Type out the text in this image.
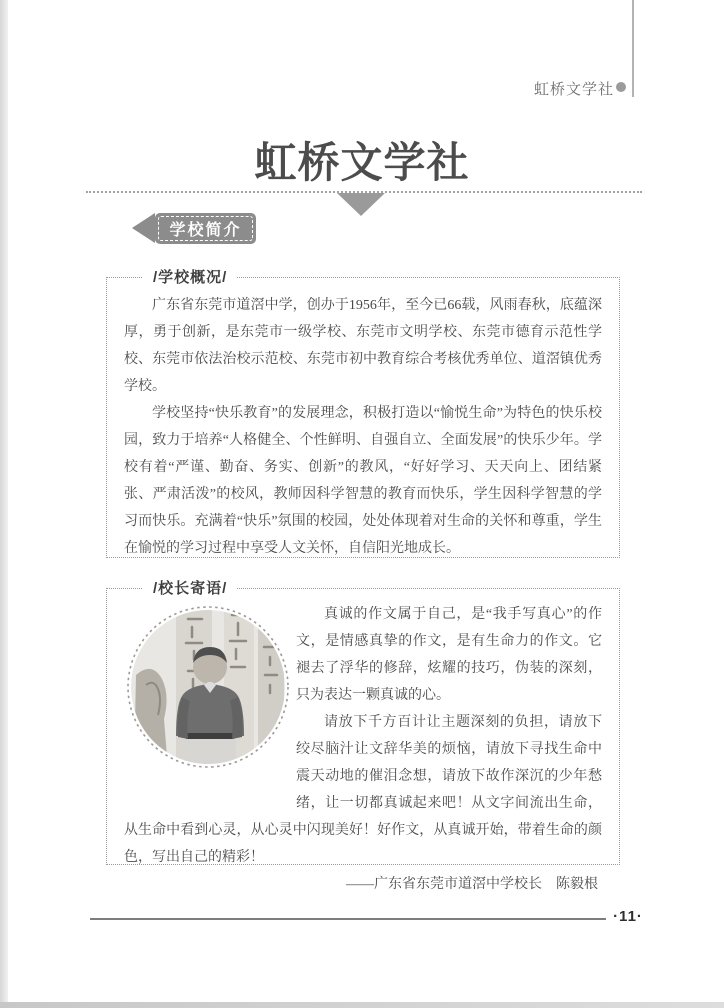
虹桥文学社
虹桥文学社
学校简介
/学校概况/

广东省东莞市道滘中学，创办于1956年，至今已66载，风雨春秋，底蕴深厚，勇于创新，是东莞市一级学校、东莞市文明学校、东莞市德育示范性学校、东莞市依法治校示范校、东莞市初中教育综合考核优秀单位、道滘镇优秀学校。

学校坚持“快乐教育”的发展理念，积极打造以“愉悦生命”为特色的快乐校园，致力于培养“人格健全、个性鲜明、自强自立、全面发展”的快乐少年。学校有着“严谨、勤奋、务实、创新”的教风，“好好学习、天天向上、团结紧张、严肃活泼”的校风，教师因科学智慧的教育而快乐，学生因科学智慧的学习而快乐。充满着“快乐”氛围的校园，处处体现着对生命的关怀和尊重，学生在愉悦的学习过程中享受人文关怀，自信阳光地成长。

/校长寄语/

真诚的作文属于自己，是“我手写真心”的作文，是情感真挚的作文，是有生命力的作文。它褪去了浮华的修辞，炫耀的技巧，伪装的深刻，只为表达一颗真诚的心。

请放下千方百计让主题深刻的负担，请放下绞尽脑汁让文辞华美的烦恼，请放下寻找生命中震天动地的催泪念想，请放下故作深沉的少年愁绪，让一切都真诚起来吧！从文字间流出生命，从生命中看到心灵，从心灵中闪现美好！好作文，从真诚开始，带着生命的颜色，写出自己的精彩！

——广东省东莞市道滘中学校长　陈毅根

·11·
